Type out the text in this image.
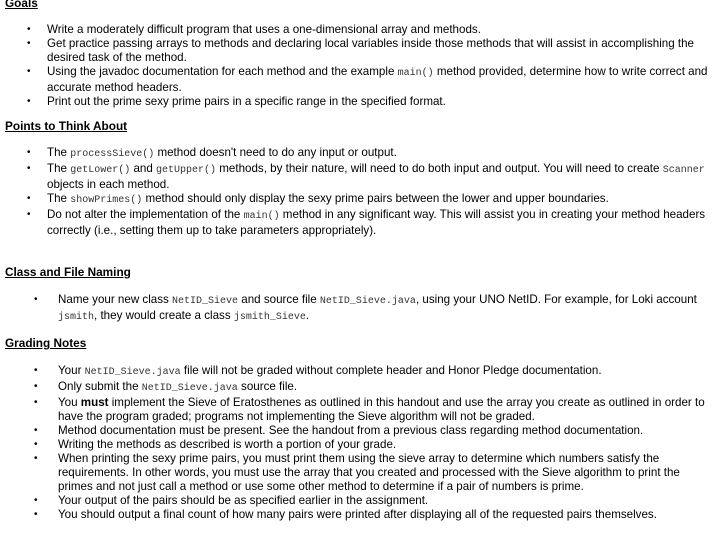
Goals
• Write a moderately difficult program that uses a one-dimensional array and methods.
• Get practice passing arrays to methods and declaring local variables inside those methods that will assist in accomplishing the desired task of the method.
• Using the javadoc documentation for each method and the example main() method provided, determine how to write correct and accurate method headers.
• Print out the prime sexy prime pairs in a specific range in the specified format.
Points to Think About
• The processSieve() method doesn't need to do any input or output.
• The getLower() and getUpper() methods, by their nature, will need to do both input and output. You will need to create Scanner objects in each method.
• The showPrimes() method should only display the sexy prime pairs between the lower and upper boundaries.
• Do not alter the implementation of the main() method in any significant way. This will assist you in creating your method headers correctly (i.e., setting them up to take parameters appropriately).
Class and File Naming
• Name your new class NetID_Sieve and source file NetID_Sieve.java, using your UNO NetID. For example, for Loki account jsmith, they would create a class jsmith_Sieve.
Grading Notes
• Your NetID_Sieve.java file will not be graded without complete header and Honor Pledge documentation.
• Only submit the NetID_Sieve.java source file.
• You must implement the Sieve of Eratosthenes as outlined in this handout and use the array you create as outlined in order to have the program graded; programs not implementing the Sieve algorithm will not be graded.
• Method documentation must be present. See the handout from a previous class regarding method documentation.
• Writing the methods as described is worth a portion of your grade.
• When printing the sexy prime pairs, you must print them using the sieve array to determine which numbers satisfy the requirements. In other words, you must use the array that you created and processed with the Sieve algorithm to print the primes and not just call a method or use some other method to determine if a pair of numbers is prime.
• Your output of the pairs should be as specified earlier in the assignment.
• You should output a final count of how many pairs were printed after displaying all of the requested pairs themselves.
